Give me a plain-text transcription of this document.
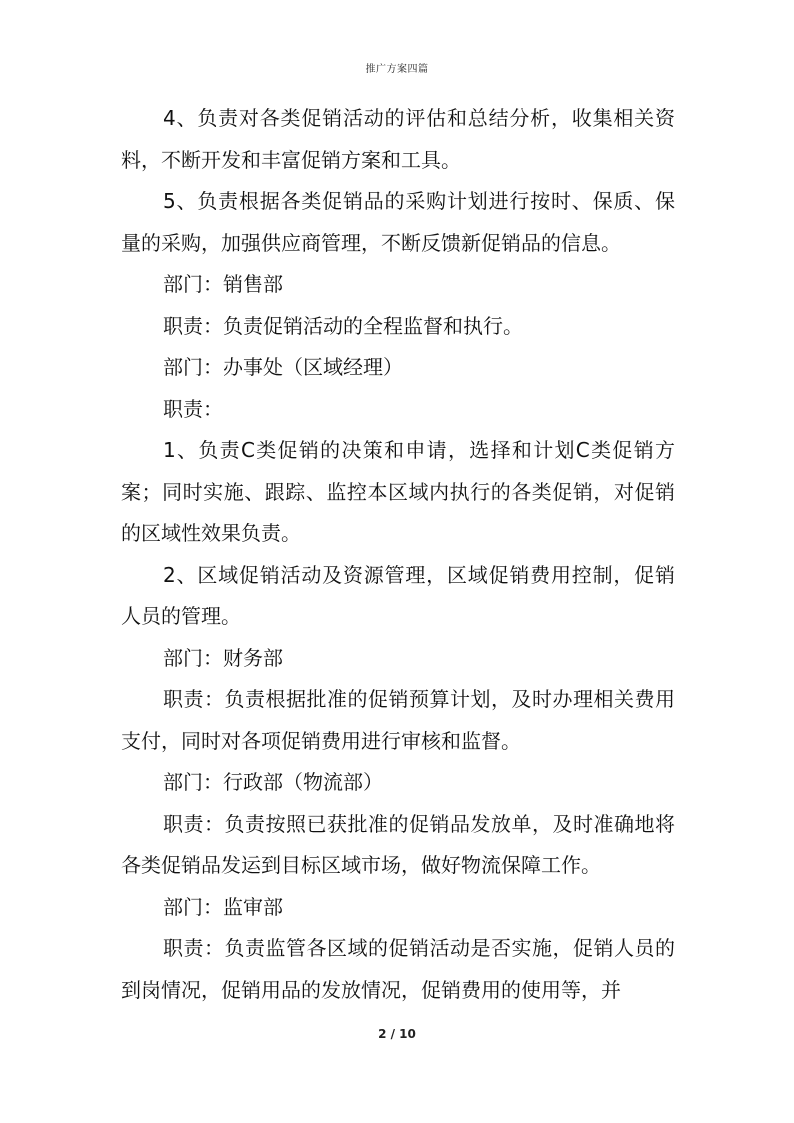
推广方案四篇

4、负责对各类促销活动的评估和总结分析，收集相关资料，不断开发和丰富促销方案和工具。

5、负责根据各类促销品的采购计划进行按时、保质、保量的采购，加强供应商管理，不断反馈新促销品的信息。

部门：销售部

职责：负责促销活动的全程监督和执行。

部门：办事处（区域经理）

职责：

1、负责C类促销的决策和申请，选择和计划C类促销方案；同时实施、跟踪、监控本区域内执行的各类促销，对促销的区域性效果负责。

2、区域促销活动及资源管理，区域促销费用控制，促销人员的管理。

部门：财务部

职责：负责根据批准的促销预算计划，及时办理相关费用支付，同时对各项促销费用进行审核和监督。

部门：行政部（物流部）

职责：负责按照已获批准的促销品发放单，及时准确地将各类促销品发运到目标区域市场，做好物流保障工作。

部门：监审部

职责：负责监管各区域的促销活动是否实施，促销人员的到岗情况，促销用品的发放情况，促销费用的使用等，并

2 / 10
